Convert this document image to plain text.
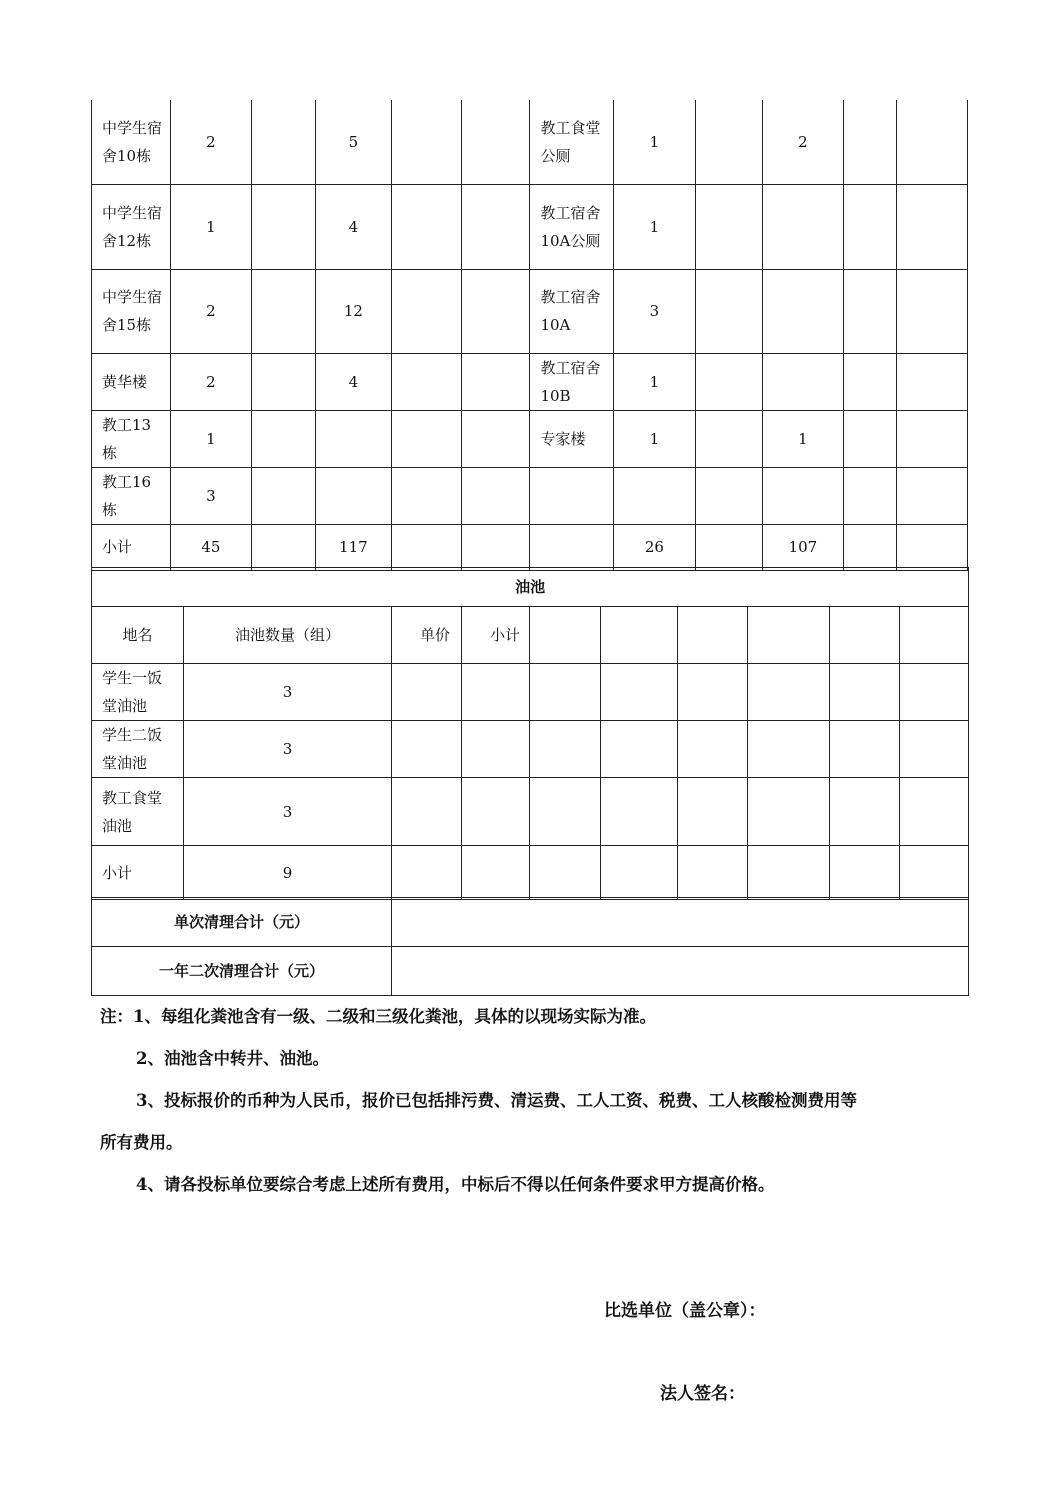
中学生宿舍10栋	2		5			教工食堂公厕	1		2		
中学生宿舍12栋	1		4			教工宿舍10A公厕	1				
中学生宿舍15栋	2		12			教工宿舍10A	3				
黄华楼	2		4			教工宿舍10B	1				
教工13栋	1					专家楼	1		1		
教工16栋	3										
小计	45		117				26		107		
油池									
地名	油池数量（组）	单价	小计						
学生一饭堂油池	3								
学生二饭堂油池	3								
教工食堂油池	3								
小计	9								
单次清理合计（元）	
一年二次清理合计（元）	

注：1、每组化粪池含有一级、二级和三级化粪池，具体的以现场实际为准。

2、油池含中转井、油池。

3、投标报价的币种为人民币，报价已包括排污费、清运费、工人工资、税费、工人核酸检测费用等

所有费用。

4、请各投标单位要综合考虑上述所有费用，中标后不得以任何条件要求甲方提高价格。

比选单位（盖公章）：
法人签名：
